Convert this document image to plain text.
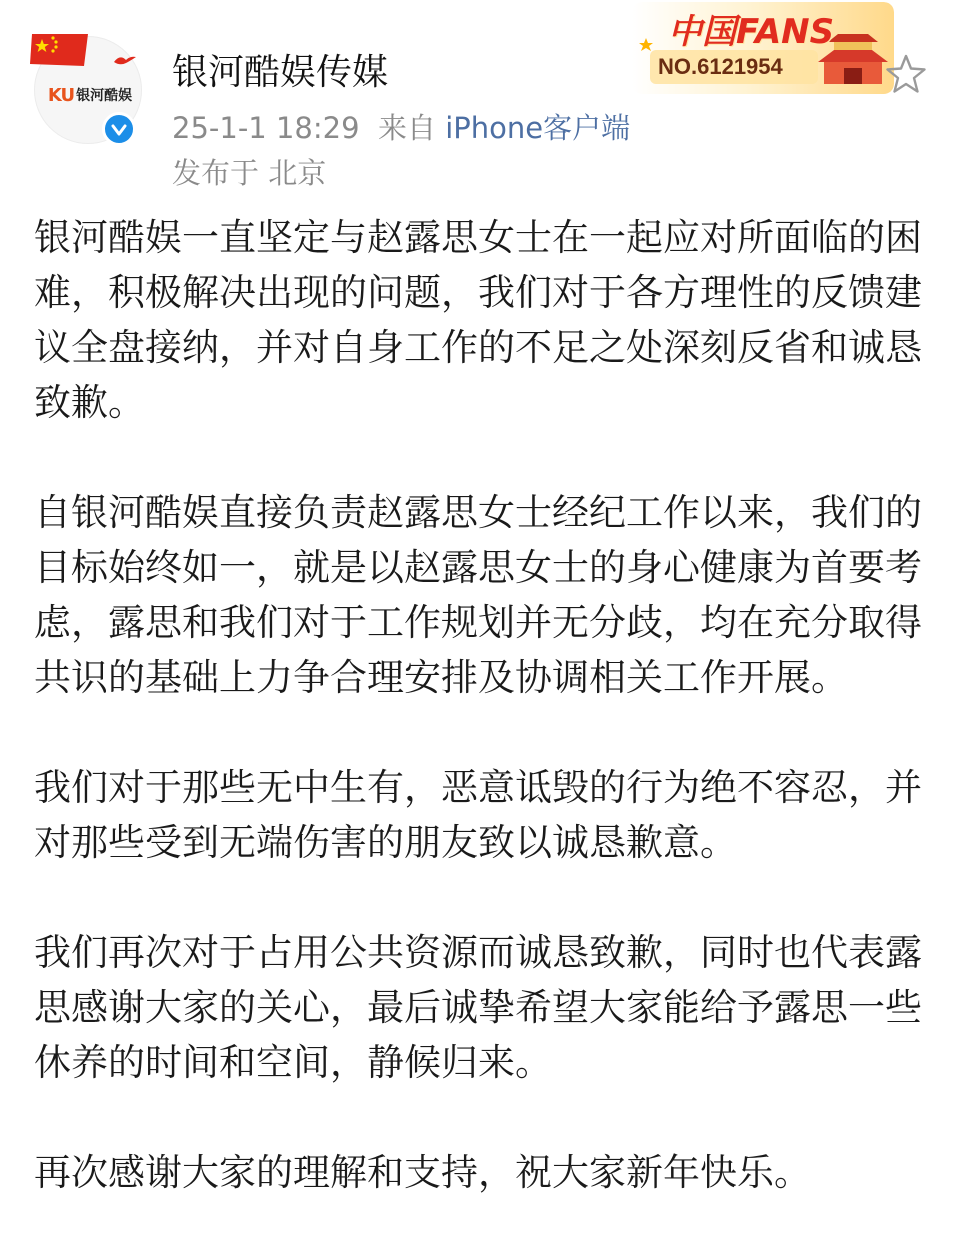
KU 银河酷娱
银河酷娱传媒
25-1-1 18:29 来自 iPhone客户端
发布于 北京
中国FANS
NO.6121954

银河酷娱一直坚定与赵露思女士在一起应对所面临的困难，积极解决出现的问题，我们对于各方理性的反馈建议全盘接纳，并对自身工作的不足之处深刻反省和诚恳致歉。

自银河酷娱直接负责赵露思女士经纪工作以来，我们的目标始终如一，就是以赵露思女士的身心健康为首要考虑，露思和我们对于工作规划并无分歧，均在充分取得共识的基础上力争合理安排及协调相关工作开展。

我们对于那些无中生有，恶意诋毁的行为绝不容忍，并对那些受到无端伤害的朋友致以诚恳歉意。

我们再次对于占用公共资源而诚恳致歉，同时也代表露思感谢大家的关心，最后诚挚希望大家能给予露思一些休养的时间和空间，静候归来。

再次感谢大家的理解和支持，祝大家新年快乐。
